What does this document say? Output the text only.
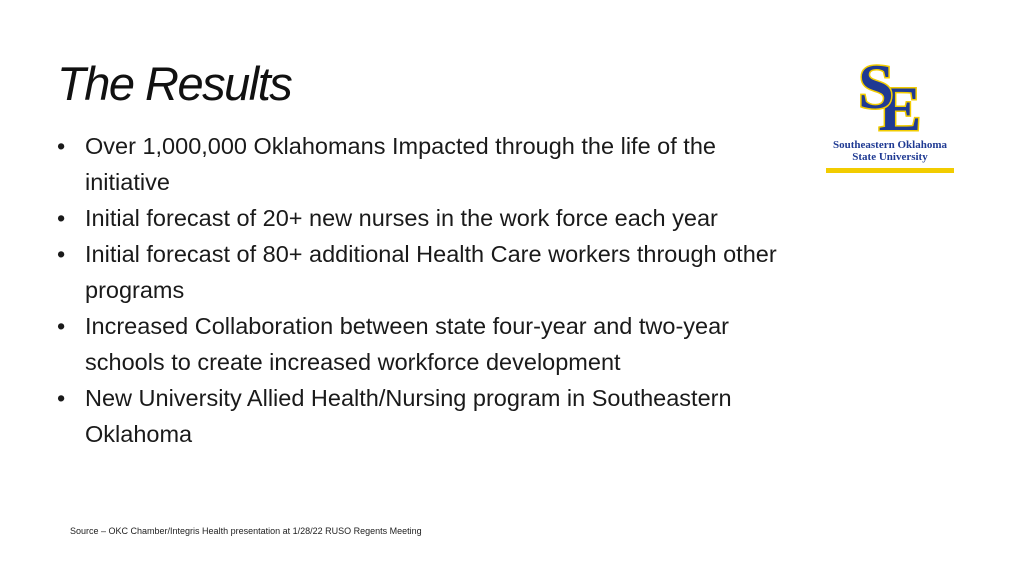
The Results
• Over 1,000,000 Oklahomans Impacted through the life of the initiative
• Initial forecast of 20+ new nurses in the work force each year
• Initial forecast of 80+ additional Health Care workers through other programs
• Increased Collaboration between state four-year and two-year schools to create increased workforce development
• New University Allied Health/Nursing program in Southeastern Oklahoma
E
S
Southeastern Oklahoma
State University

Source – OKC Chamber/Integris Health presentation at 1/28/22 RUSO Regents Meeting
